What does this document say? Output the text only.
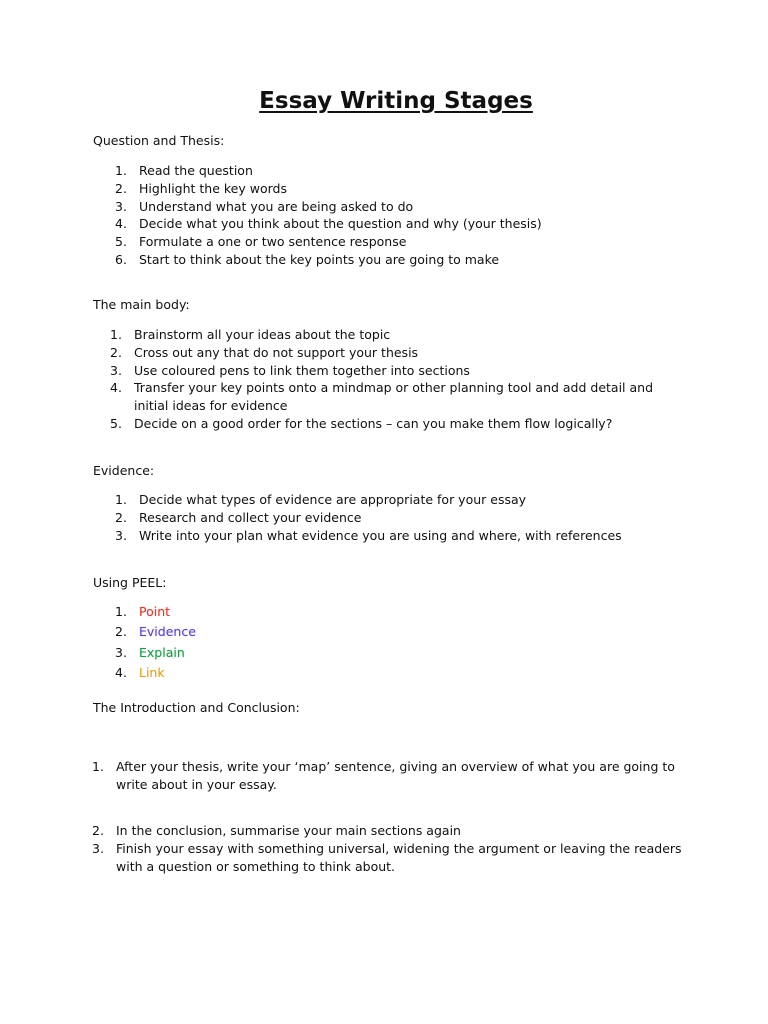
Essay Writing Stages
Question and Thesis:
1. Read the question
2. Highlight the key words
3. Understand what you are being asked to do
4. Decide what you think about the question and why (your thesis)
5. Formulate a one or two sentence response
6. Start to think about the key points you are going to make
The main body:
1. Brainstorm all your ideas about the topic
2. Cross out any that do not support your thesis
3. Use coloured pens to link them together into sections
4. Transfer your key points onto a mindmap or other planning tool and add detail and initial ideas for evidence
5. Decide on a good order for the sections – can you make them flow logically?
Evidence:
1. Decide what types of evidence are appropriate for your essay
2. Research and collect your evidence
3. Write into your plan what evidence you are using and where, with references
Using PEEL:
1. Point
2. Evidence
3. Explain
4. Link
The Introduction and Conclusion:
1. After your thesis, write your ‘map’ sentence, giving an overview of what you are going to write about in your essay.
2. In the conclusion, summarise your main sections again
3. Finish your essay with something universal, widening the argument or leaving the readers with a question or something to think about.
